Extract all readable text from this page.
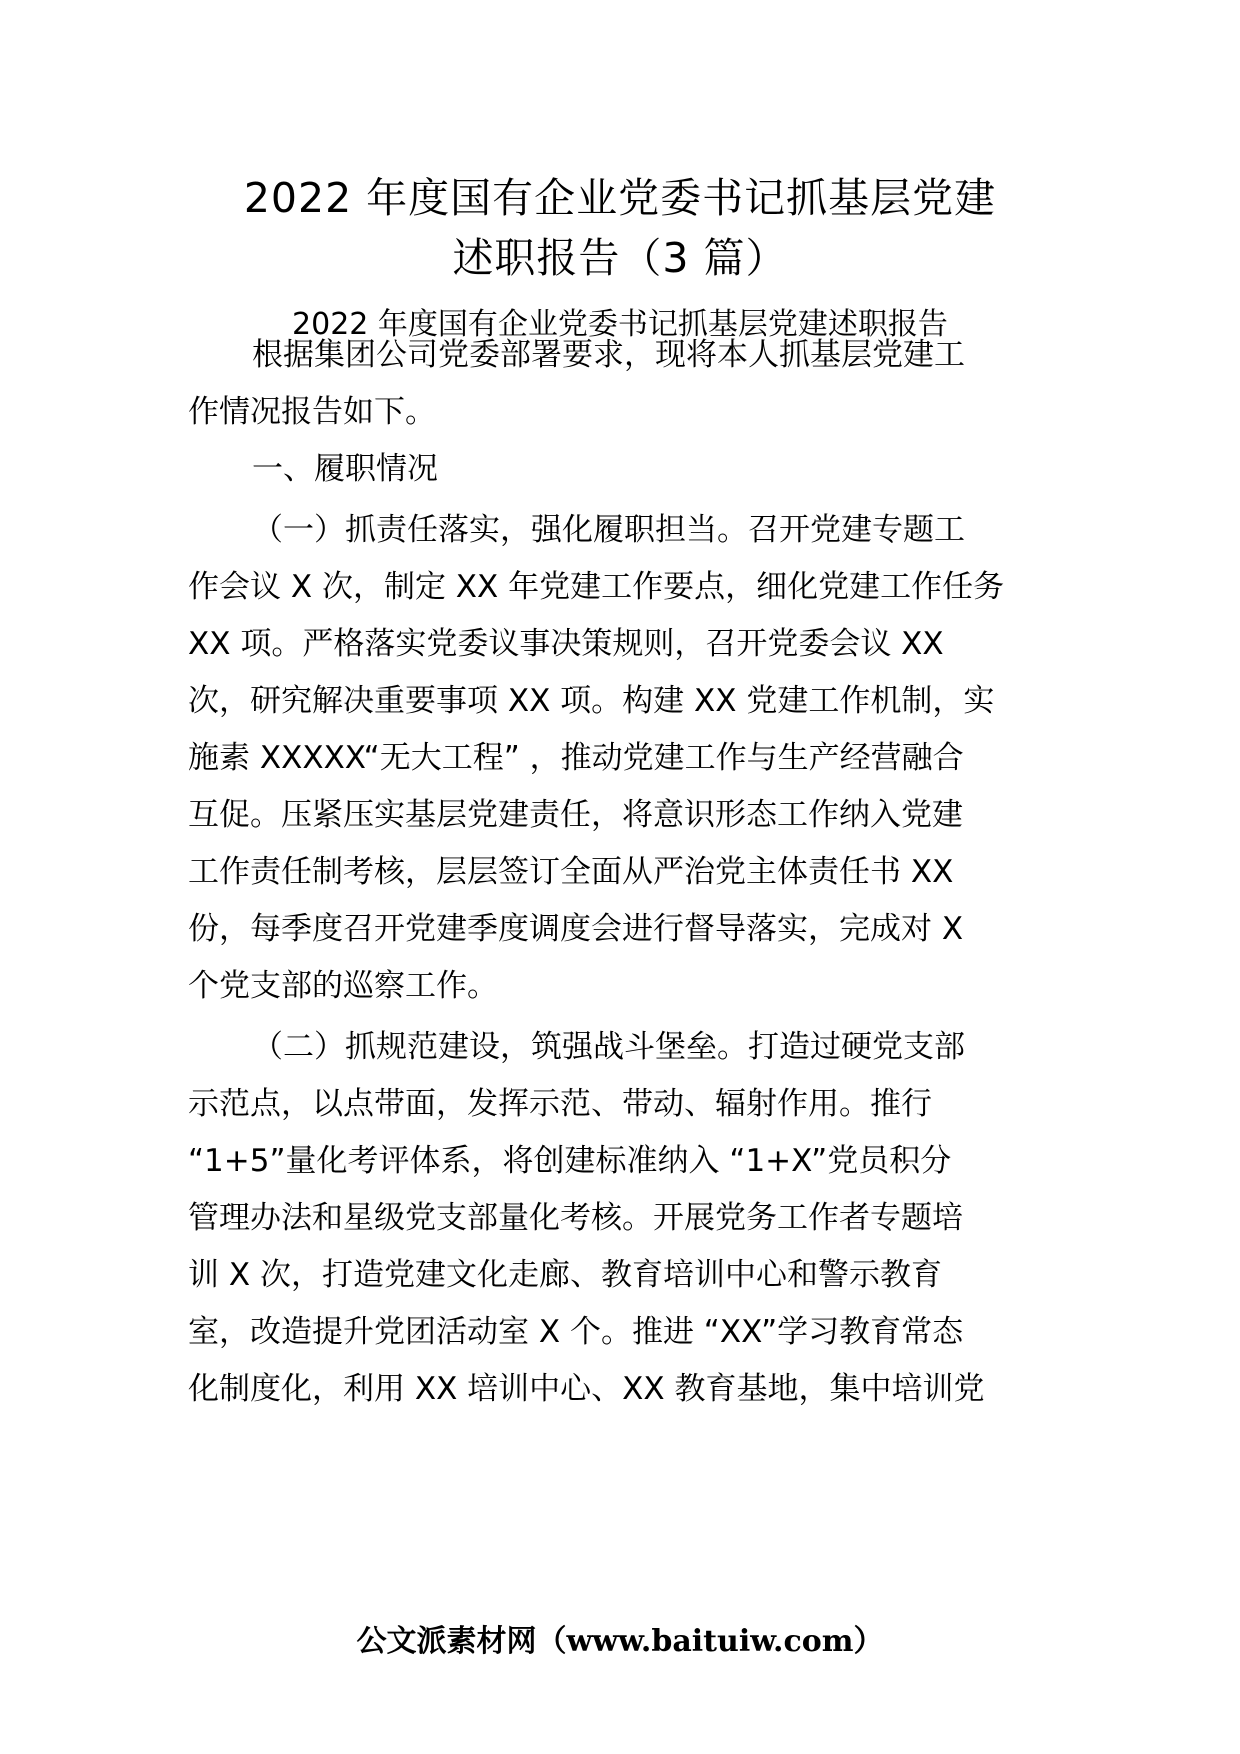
2022 年度国有企业党委书记抓基层党建
述职报告（3 篇）
2022 年度国有企业党委书记抓基层党建述职报告
根据集团公司党委部署要求，现将本人抓基层党建工
作情况报告如下。
一、履职情况
（一）抓责任落实，强化履职担当。召开党建专题工
作会议 X 次，制定 XX 年党建工作要点，细化党建工作任务
XX 项。严格落实党委议事决策规则，召开党委会议 XX
次，研究解决重要事项 XX 项。构建 XX 党建工作机制，实
施素 XXXXX“无大工程” ，推动党建工作与生产经营融合
互促。压紧压实基层党建责任，将意识形态工作纳入党建
工作责任制考核，层层签订全面从严治党主体责任书 XX
份，每季度召开党建季度调度会进行督导落实，完成对 X
个党支部的巡察工作。
（二）抓规范建设，筑强战斗堡垒。打造过硬党支部
示范点，以点带面，发挥示范、带动、辐射作用。推行
“1+5”量化考评体系，将创建标准纳入 “1+X”党员积分
管理办法和星级党支部量化考核。开展党务工作者专题培
训 X 次，打造党建文化走廊、教育培训中心和警示教育
室，改造提升党团活动室 X 个。推进 “XX”学习教育常态
化制度化，利用 XX 培训中心、XX 教育基地，集中培训党
公文派素材网（www.baituiw.com）
